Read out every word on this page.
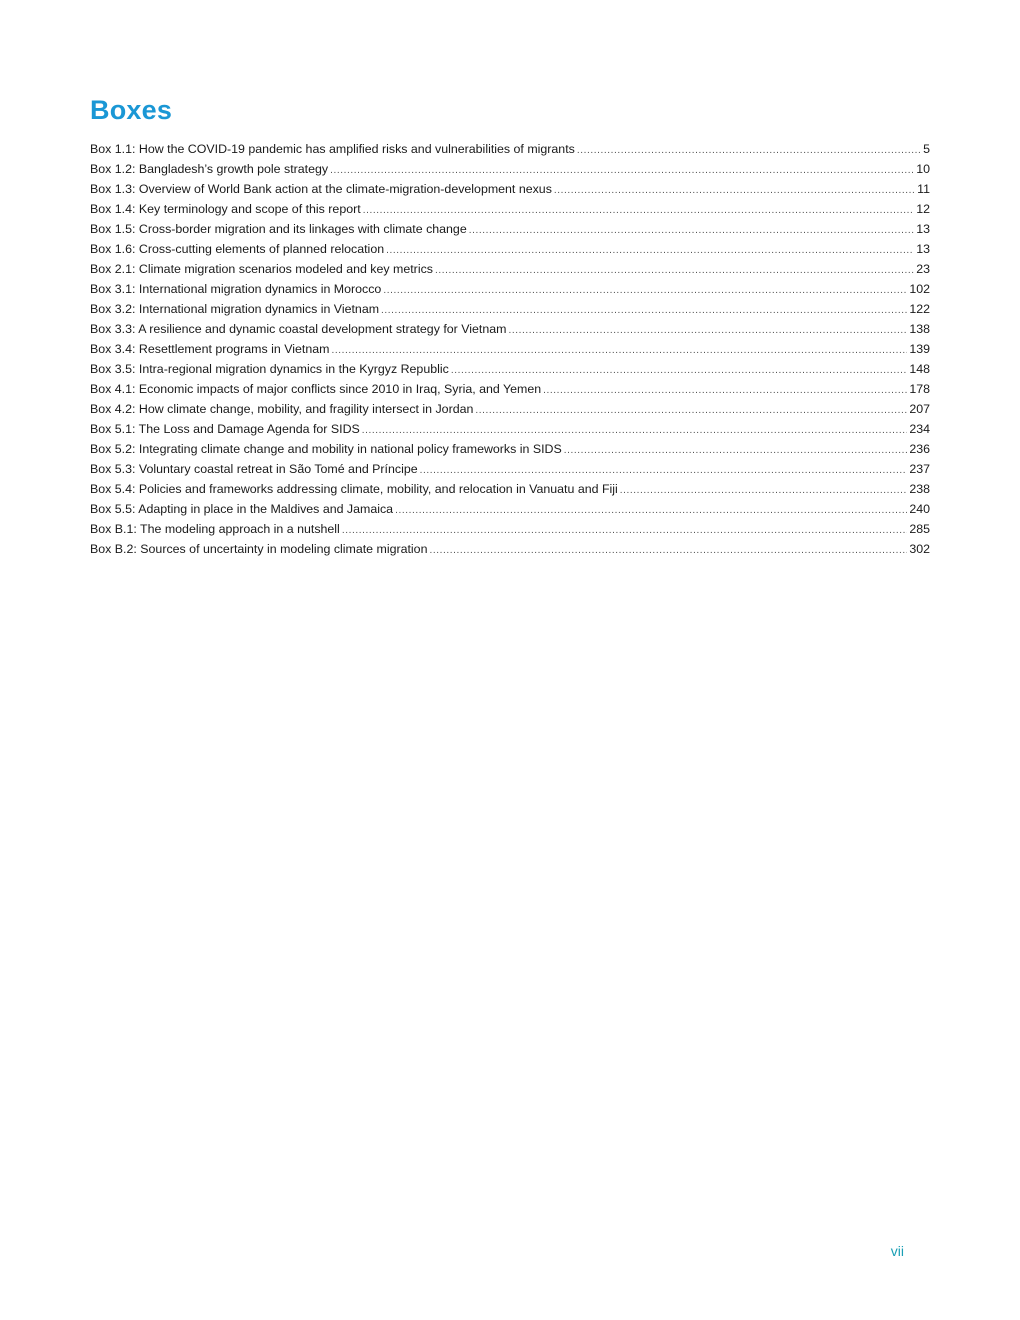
Boxes
Box 1.1: How the COVID-19 pandemic has amplified risks and vulnerabilities of migrants .....	5
Box 1.2: Bangladesh’s growth pole strategy .....	10
Box 1.3: Overview of World Bank action at the climate-migration-development nexus .....	11
Box 1.4: Key terminology and scope of this report .....	12
Box 1.5: Cross-border migration and its linkages with climate change .....	13
Box 1.6: Cross-cutting elements of planned relocation .....	13
Box 2.1: Climate migration scenarios modeled and key metrics .....	23
Box 3.1: International migration dynamics in Morocco .....	102
Box 3.2: International migration dynamics in Vietnam .....	122
Box 3.3: A resilience and dynamic coastal development strategy for Vietnam .....	138
Box 3.4: Resettlement programs in Vietnam .....	139
Box 3.5: Intra-regional migration dynamics in the Kyrgyz Republic .....	148
Box 4.1: Economic impacts of major conflicts since 2010 in Iraq, Syria, and Yemen .....	178
Box 4.2: How climate change, mobility, and fragility intersect in Jordan .....	207
Box 5.1: The Loss and Damage Agenda for SIDS .....	234
Box 5.2: Integrating climate change and mobility in national policy frameworks in SIDS .....	236
Box 5.3: Voluntary coastal retreat in São Tomé and Príncipe .....	237
Box 5.4: Policies and frameworks addressing climate, mobility, and relocation in Vanuatu and Fiji .....	238
Box 5.5: Adapting in place in the Maldives and Jamaica .....	240
Box B.1: The modeling approach in a nutshell .....	285
Box B.2: Sources of uncertainty in modeling climate migration .....	302
vii
